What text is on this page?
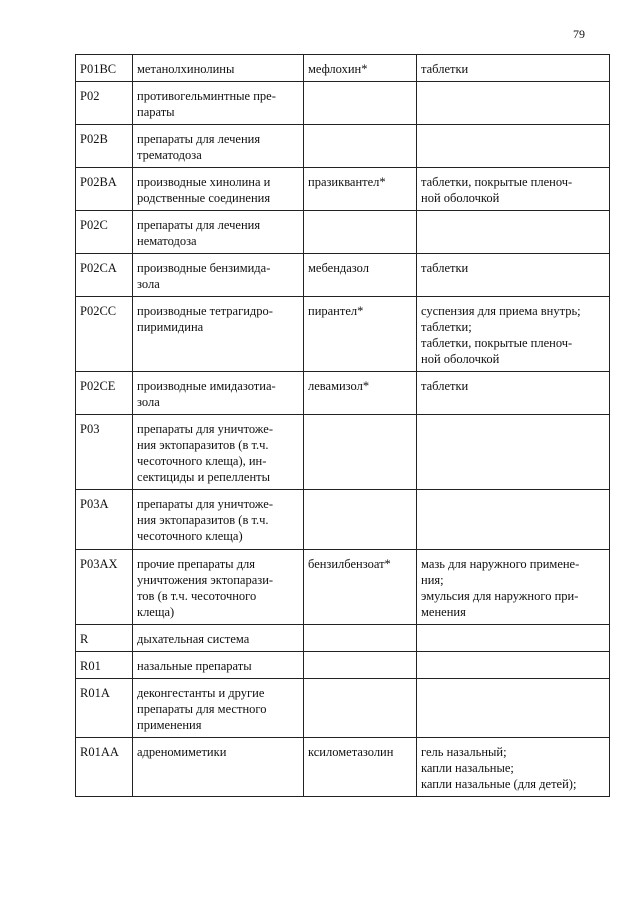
79
P01BC	метанолхинолины	мефлохин*	таблетки

P02	противогельминтные пре-
параты		

P02B	препараты для лечения
трематодоза		

P02BA	производные хинолина и
родственные соединения	празиквантел*	таблетки, покрытые пленоч-
ной оболочкой

P02C	препараты для лечения
нематодоза		

P02CA	производные бензимида-
зола	мебендазол	таблетки

P02CC	производные тетрагидро-
пиримидина	пирантел*	суспензия для приема внутрь;
таблетки;
таблетки, покрытые пленоч-
ной оболочкой

P02CE	производные имидазотиа-
зола	левамизол*	таблетки

P03	препараты для уничтоже-
ния эктопаразитов (в т.ч.
чесоточного клеща), ин-
сектициды и репелленты		

P03A	препараты для уничтоже-
ния эктопаразитов (в т.ч.
чесоточного клеща)		

P03AX	прочие препараты для
уничтожения эктопарази-
тов (в т.ч. чесоточного
клеща)	бензилбензоат*	мазь для наружного примене-
ния;
эмульсия для наружного при-
менения

R	дыхательная система		

R01	назальные препараты		

R01A	деконгестанты и другие
препараты для местного
применения		

R01AA	адреномиметики	ксилометазолин	гель назальный;
капли назальные;
капли назальные (для детей);
